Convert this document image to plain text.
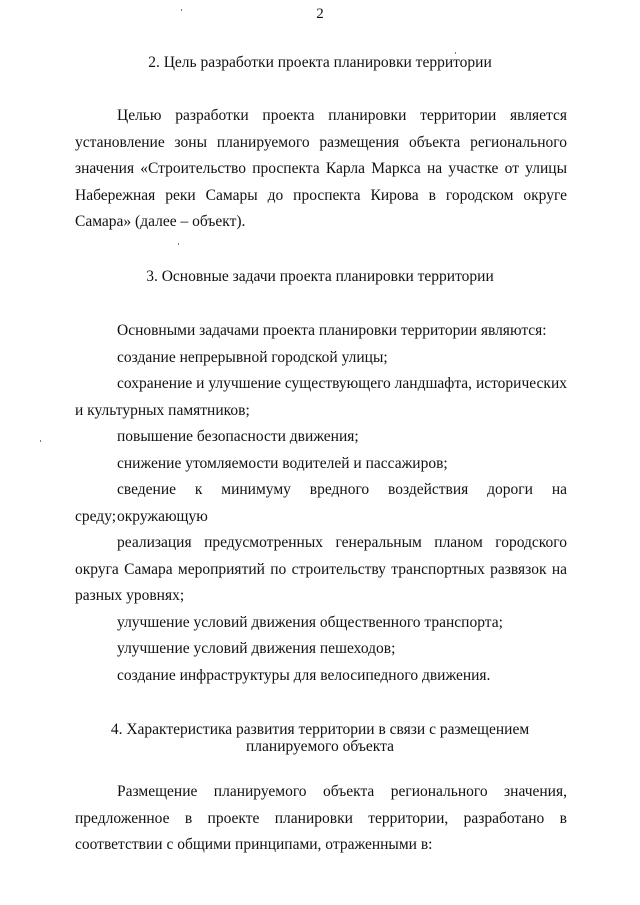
2
2. Цель разработки проекта планировки территории
Целью разработки проекта планировки территории является
установление зоны планируемого размещения объекта регионального
значения «Строительство проспекта Карла Маркса на участке от улицы
Набережная реки Самары до проспекта Кирова в городском округе
Самара» (далее – объект).
3. Основные задачи проекта планировки территории
Основными задачами проекта планировки территории являются:
создание непрерывной городской улицы;
сохранение и улучшение существующего ландшафта, исторических
и культурных памятников;
повышение безопасности движения;
снижение утомляемости водителей и пассажиров;
сведение к минимуму вредного воздействия дороги на окружающую
среду;
реализация предусмотренных генеральным планом городского
округа Самара мероприятий по строительству транспортных развязок на
разных уровнях;
улучшение условий движения общественного транспорта;
улучшение условий движения пешеходов;
создание инфраструктуры для велосипедного движения.
4. Характеристика развития территории в связи с размещением
планируемого объекта
Размещение планируемого объекта регионального значения,
предложенное в проекте планировки территории, разработано в
соответствии с общими принципами, отраженными в:
